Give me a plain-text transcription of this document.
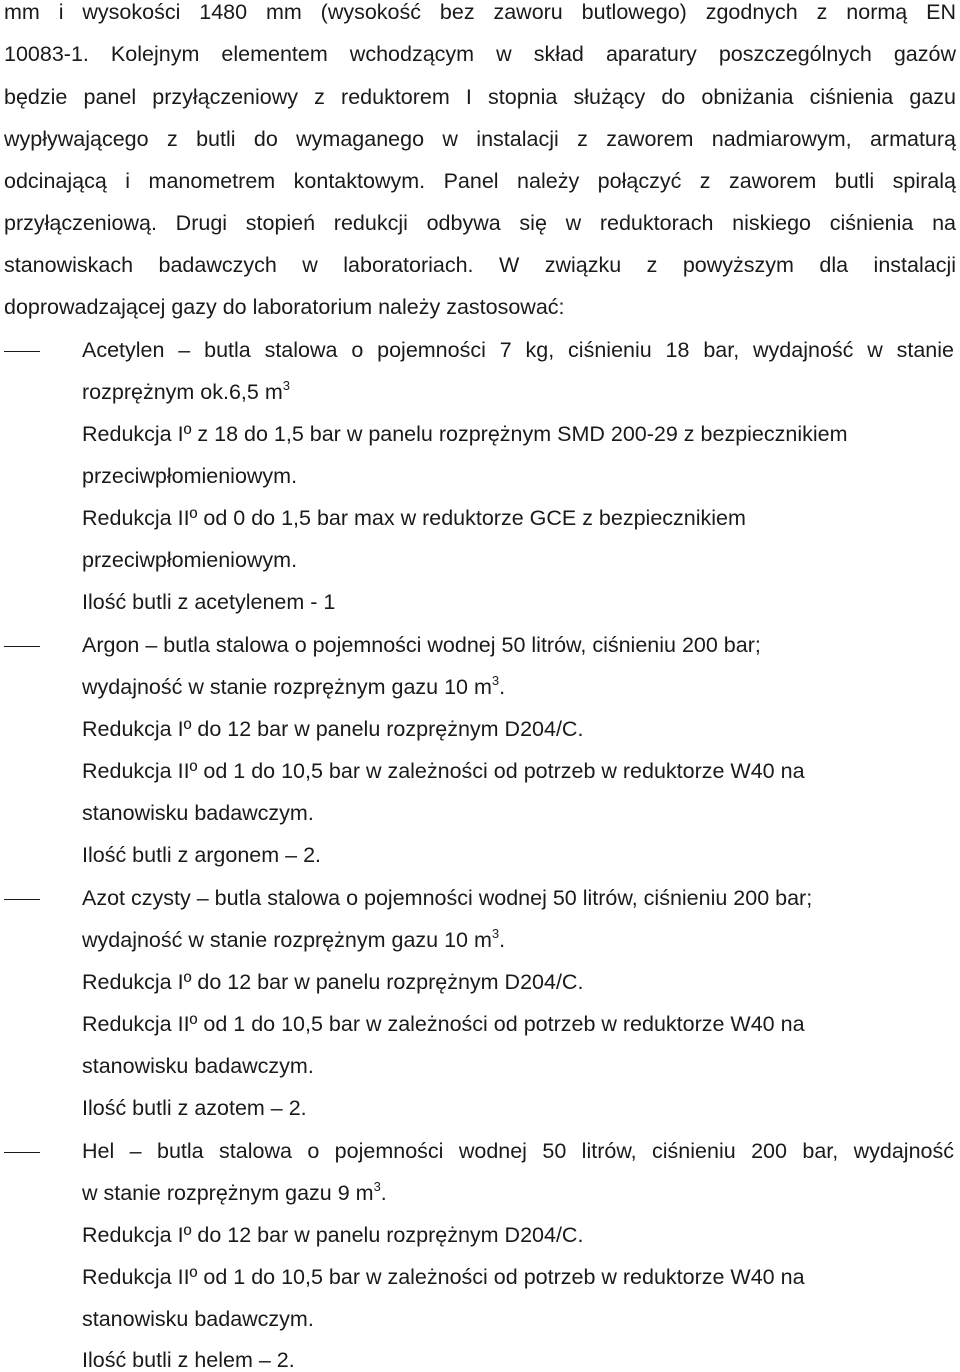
mm i wysokości 1480 mm (wysokość bez zaworu butlowego) zgodnych z normą EN
10083-1. Kolejnym elementem wchodzącym w skład aparatury poszczególnych gazów
będzie panel przyłączeniowy z reduktorem I stopnia służący do obniżania ciśnienia gazu
wypływającego z butli do wymaganego w instalacji z zaworem nadmiarowym, armaturą
odcinającą i manometrem kontaktowym. Panel należy połączyć z zaworem butli spiralą
przyłączeniową. Drugi stopień redukcji odbywa się w reduktorach niskiego ciśnienia na
stanowiskach badawczych w laboratoriach. W związku z powyższym dla instalacji
doprowadzającej gazy do laboratorium należy zastosować:
Acetylen – butla stalowa o pojemności 7 kg, ciśnieniu 18 bar, wydajność w stanie
rozprężnym ok.6,5 $m^3$
Redukcja Iº z 18 do 1,5 bar w panelu rozprężnym SMD 200-29 z bezpiecznikiem
przeciwpłomieniowym.
Redukcja IIº od 0 do 1,5 bar max w reduktorze GCE z bezpiecznikiem
przeciwpłomieniowym.
Ilość butli z acetylenem - 1
Argon – butla stalowa o pojemności wodnej 50 litrów, ciśnieniu 200 bar;
wydajność w stanie rozprężnym gazu 10 $m^3$.
Redukcja Iº do 12 bar w panelu rozprężnym D204/C.
Redukcja IIº od 1 do 10,5 bar w zależności od potrzeb w reduktorze W40 na
stanowisku badawczym.
Ilość butli z argonem – 2.
Azot czysty – butla stalowa o pojemności wodnej 50 litrów, ciśnieniu 200 bar;
wydajność w stanie rozprężnym gazu 10 $m^3$.
Redukcja Iº do 12 bar w panelu rozprężnym D204/C.
Redukcja IIº od 1 do 10,5 bar w zależności od potrzeb w reduktorze W40 na
stanowisku badawczym.
Ilość butli z azotem – 2.
Hel – butla stalowa o pojemności wodnej 50 litrów, ciśnieniu 200 bar, wydajność
w stanie rozprężnym gazu 9 $m^3$.
Redukcja Iº do 12 bar w panelu rozprężnym D204/C.
Redukcja IIº od 1 do 10,5 bar w zależności od potrzeb w reduktorze W40 na
stanowisku badawczym.
Ilość butli z helem – 2.
